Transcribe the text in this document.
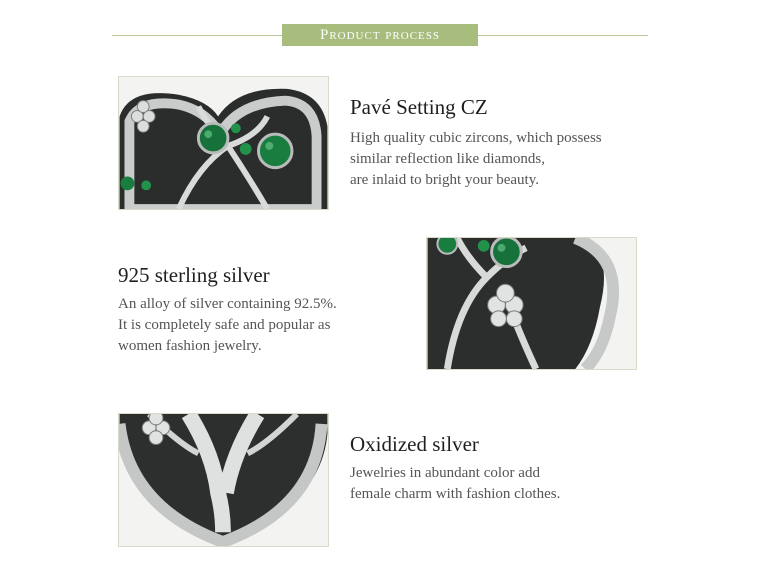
Product process
Pavé Setting CZ
High quality cubic zircons, which possess
similar reflection like diamonds,
are inlaid to bright your beauty.
925 sterling silver
An alloy of silver containing 92.5%.
It is completely safe and popular as
women fashion jewelry.
Oxidized silver
Jewelries in abundant color add
female charm with fashion clothes.
